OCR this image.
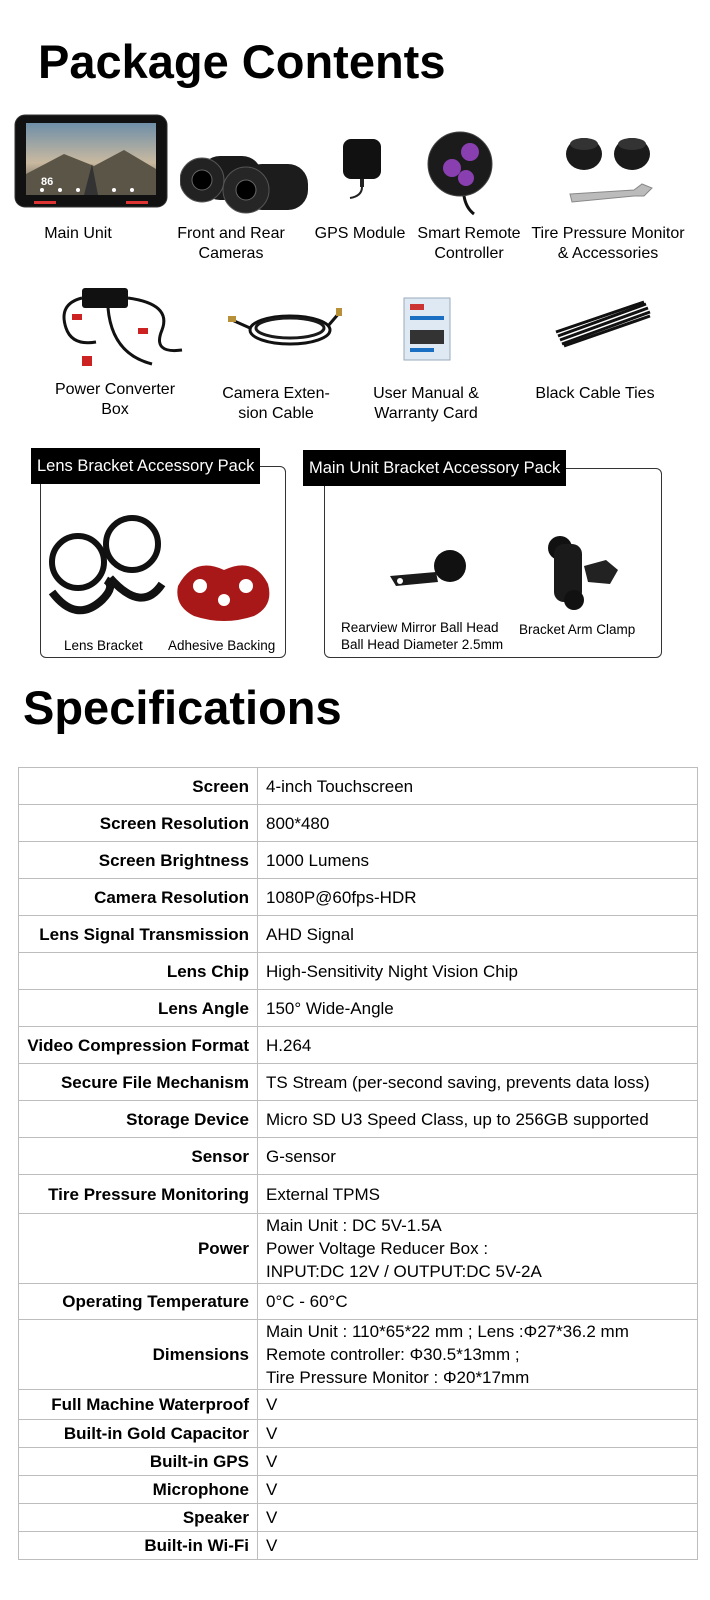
Package Contents
86
Main Unit	Front and Rear
Cameras
GPS Module Smart Remote
Controller
Tire Pressure Monitor
& Accessories
Power Converter
Box
Camera Exten-
sion Cable
User Manual &
Warranty Card
Black Cable Ties
Lens Bracket Accessory Pack
Lens Bracket Adhesive Backing
Main Unit Bracket Accessory Pack
Rearview Mirror Ball Head
Ball Head Diameter 2.5mm
Bracket Arm Clamp
Specifications
Screen	4-inch Touchscreen
Screen Resolution	800*480
Screen Brightness	1000 Lumens
Camera Resolution	1080P@60fps-HDR
Lens Signal Transmission	AHD Signal
Lens Chip	High-Sensitivity Night Vision Chip
Lens Angle	150° Wide-Angle
Video Compression Format	H.264
Secure File Mechanism	TS Stream (per-second saving, prevents data loss)
Storage Device	Micro SD U3 Speed Class, up to 256GB supported
Sensor	G-sensor
Tire Pressure Monitoring	External TPMS
Power	Main Unit : DC 5V-1.5A
Power Voltage Reducer Box :
INPUT:DC 12V / OUTPUT:DC 5V-2A
Operating Temperature	0°C - 60°C
Dimensions	Main Unit : 110*65*22 mm ; Lens :Φ27*36.2 mm
Remote controller: Φ30.5*13mm ;
Tire Pressure Monitor : Φ20*17mm
Full Machine Waterproof	V
Built-in Gold Capacitor	V
Built-in GPS	V
Microphone	V
Speaker	V
Built-in Wi-Fi	V
